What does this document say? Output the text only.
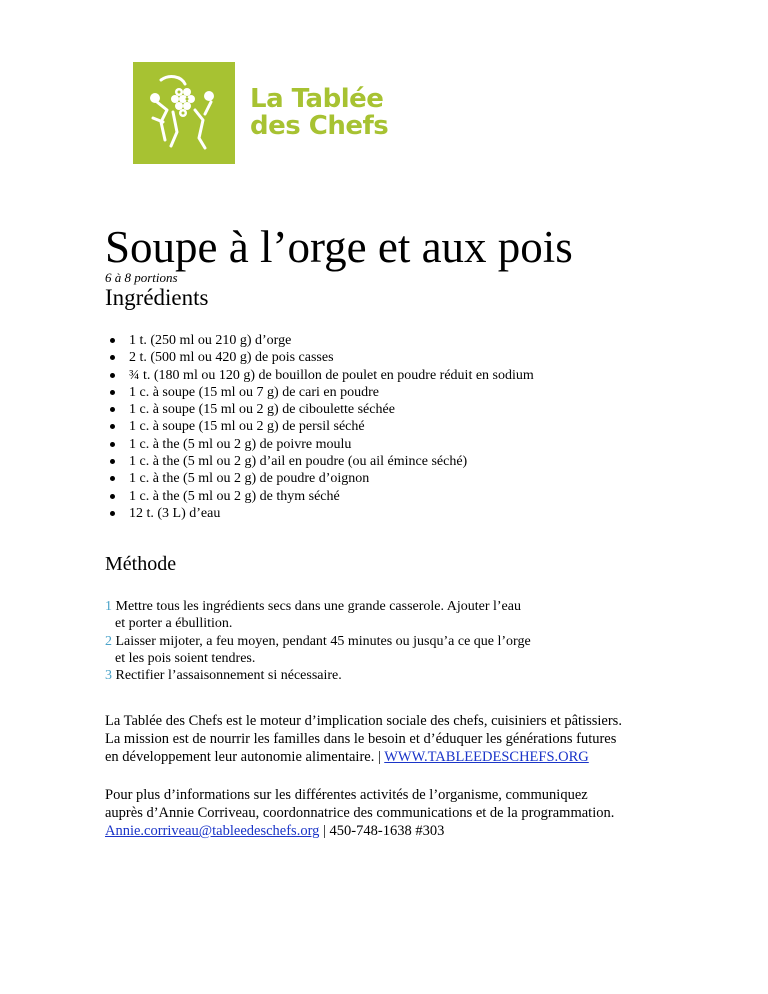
La Tablée
des Chefs
Soupe à l’orge et aux pois
6 à 8 portions
Ingrédients
1 t. (250 ml ou 210 g) d’orge
2 t. (500 ml ou 420 g) de pois casses
¾ t. (180 ml ou 120 g) de bouillon de poulet en poudre réduit en sodium
1 c. à soupe (15 ml ou 7 g) de cari en poudre
1 c. à soupe (15 ml ou 2 g) de ciboulette séchée
1 c. à soupe (15 ml ou 2 g) de persil séché
1 c. à the (5 ml ou 2 g) de poivre moulu
1 c. à the (5 ml ou 2 g) d’ail en poudre (ou ail émince séché)
1 c. à the (5 ml ou 2 g) de poudre d’oignon
1 c. à the (5 ml ou 2 g) de thym séché
12 t. (3 L) d’eau
Méthode
1 Mettre tous les ingrédients secs dans une grande casserole. Ajouter l’eau
et porter a ébullition.
2 Laisser mijoter, a feu moyen, pendant 45 minutes ou jusqu’a ce que l’orge
et les pois soient tendres.
3 Rectifier l’assaisonnement si nécessaire.
La Tablée des Chefs est le moteur d’implication sociale des chefs, cuisiniers et pâtissiers.
La mission est de nourrir les familles dans le besoin et d’éduquer les générations futures
en développement leur autonomie alimentaire. | WWW.TABLEEDESCHEFS.ORG
Pour plus d’informations sur les différentes activités de l’organisme, communiquez
auprès d’Annie Corriveau, coordonnatrice des communications et de la programmation.
Annie.corriveau@tableedeschefs.org | 450-748-1638 #303
